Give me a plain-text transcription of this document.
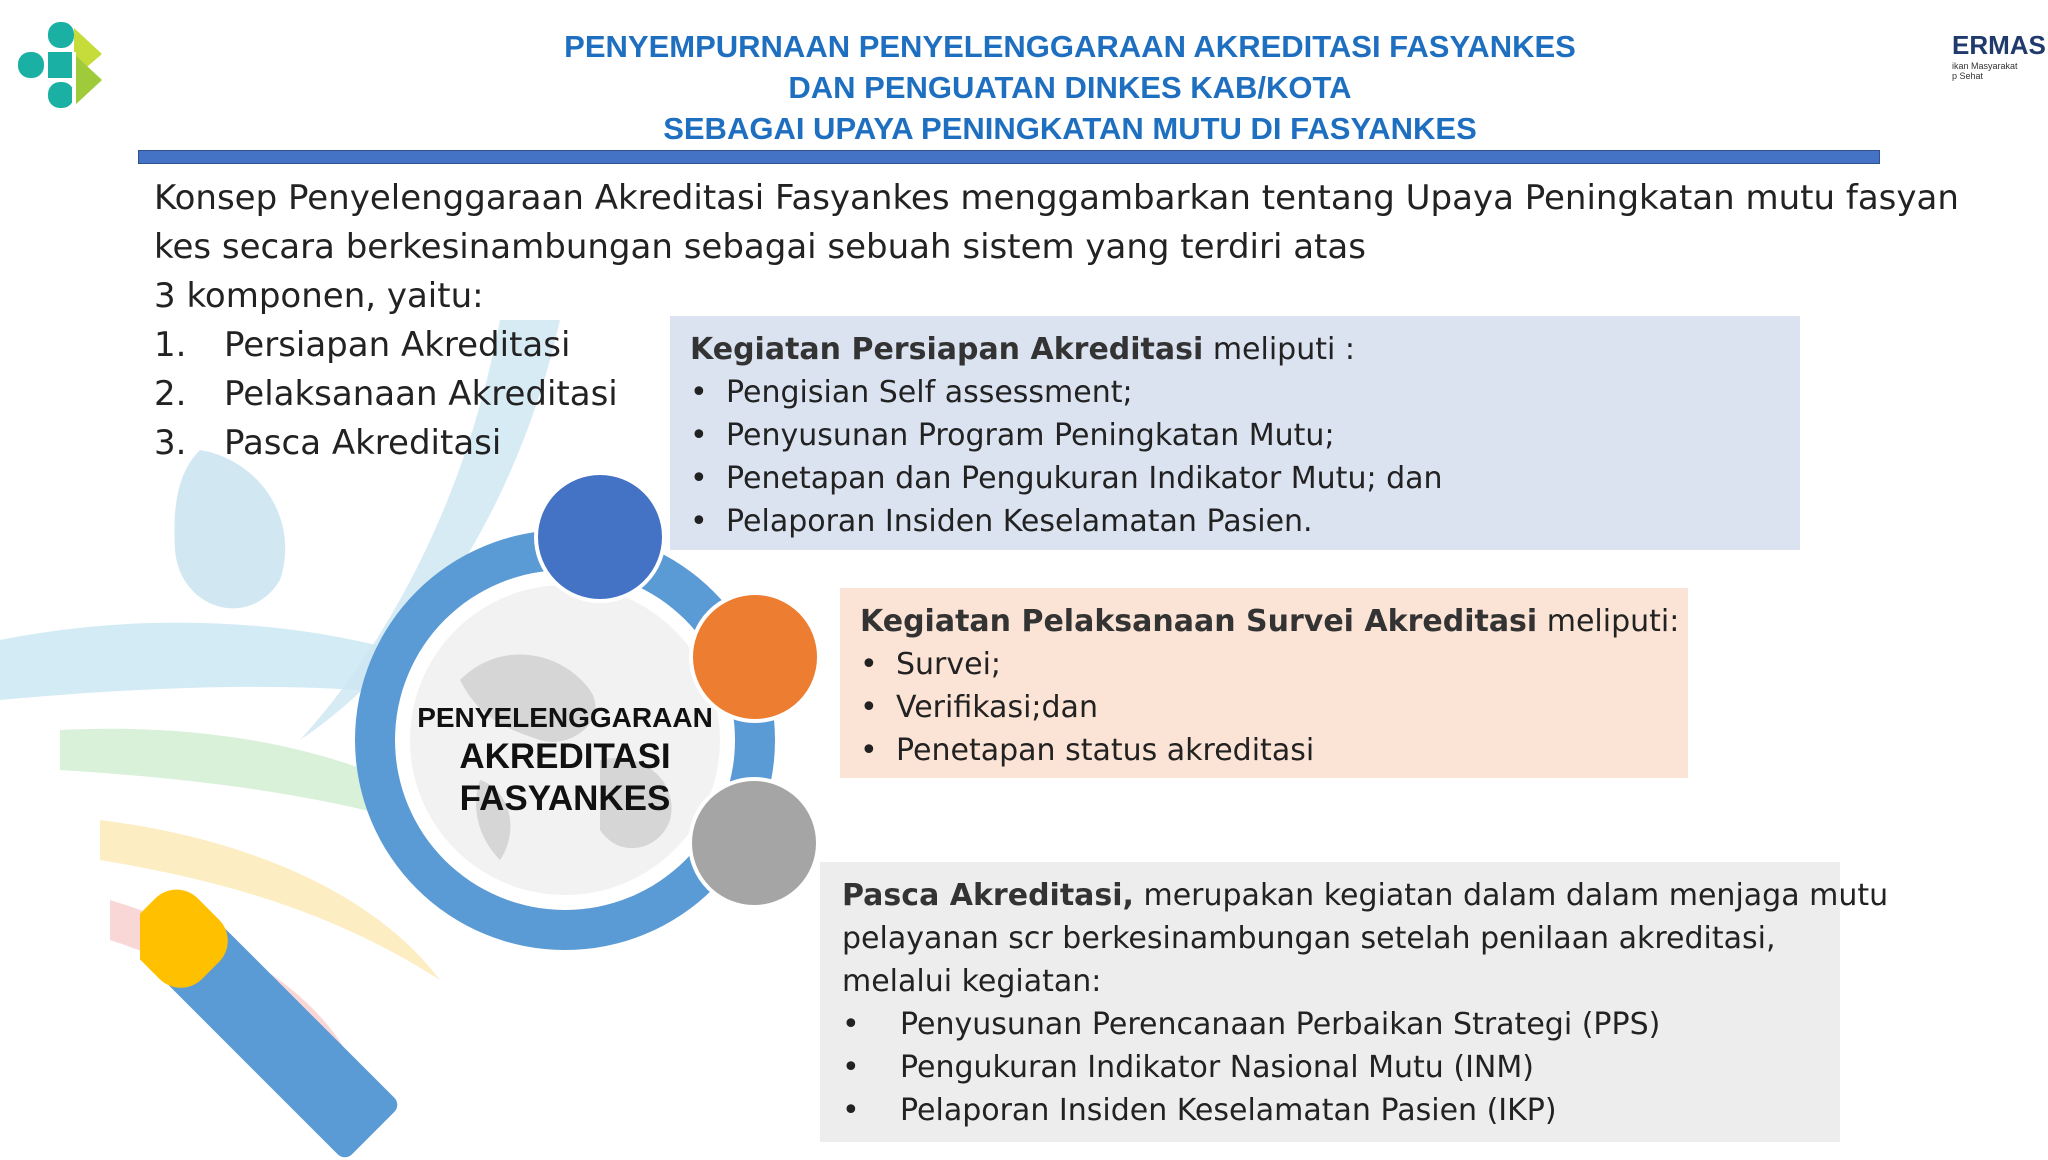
ERMAS
ikan Masyarakat
p Sehat
PENYEMPURNAAN PENYELENGGARAAN AKREDITASI FASYANKES
DAN PENGUATAN DINKES KAB/KOTA
SEBAGAI UPAYA PENINGKATAN MUTU DI FASYANKES

Konsep Penyelenggaraan Akreditasi Fasyankes menggambarkan tentang Upaya Peningkatan mutu fasyan

kes secara berkesinambungan sebagai sebuah sistem yang terdiri atas

3 komponen, yaitu:

1. Persiapan Akreditasi
2. Pelaksanaan Akreditasi
3. Pasca Akreditasi
PENYELENGGARAAN
AKREDITASI
FASYANKES

Kegiatan Persiapan Akreditasi meliputi :

• Pengisian Self assessment;
• Penyusunan Program Peningkatan Mutu;
• Penetapan dan Pengukuran Indikator Mutu; dan
• Pelaporan Insiden Keselamatan Pasien.

Kegiatan Pelaksanaan Survei Akreditasi meliputi:

• Survei;
• Verifikasi;dan
• Penetapan status akreditasi

Pasca Akreditasi, merupakan kegiatan dalam dalam menjaga mutu

pelayanan scr berkesinambungan setelah penilaan akreditasi,

melalui kegiatan:

• Penyusunan Perencanaan Perbaikan Strategi (PPS)
• Pengukuran Indikator Nasional Mutu (INM)
• Pelaporan Insiden Keselamatan Pasien (IKP)
